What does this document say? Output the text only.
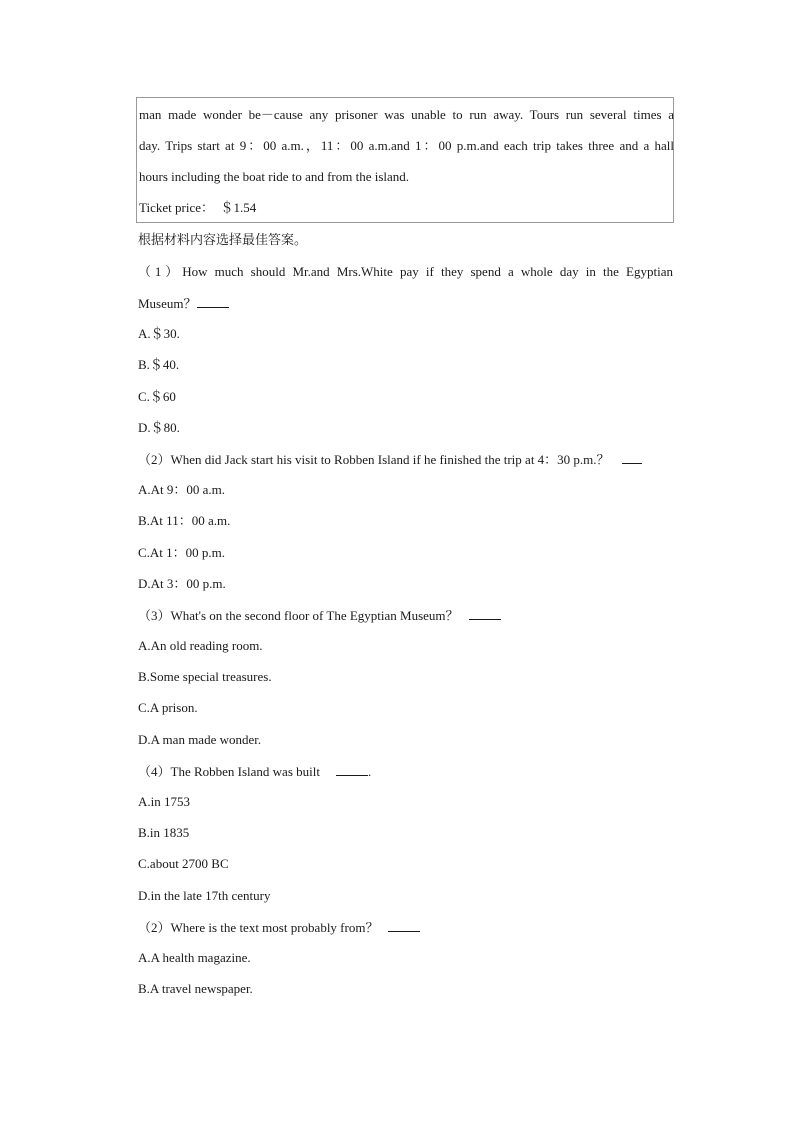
man made wonder be－cause any prisoner was unable to run away. Tours run several times a
day. Trips start at 9：00 a.m.，11：00 a.m.and 1：00 p.m.and each trip takes three and a hall
hours including the boat ride to and from the island.
Ticket price：　＄1.54
根据材料内容选择最佳答案。
（1）How much should Mr.and Mrs.White pay if they spend a whole day in the Egyptian
Museum？
A.＄30.
B.＄40.
C.＄60
D.＄80.
（2）When did Jack start his visit to Robben Island if he finished the trip at 4：30 p.m.？
A.At 9：00 a.m.
B.At 11：00 a.m.
C.At 1：00 p.m.
D.At 3：00 p.m.
（3）What's on the second floor of The Egyptian Museum？
A.An old reading room.
B.Some special treasures.
C.A prison.
D.A man made wonder.
（4）The Robben Island was built	.
A.in 1753
B.in 1835
C.about 2700 BC
D.in the late 17th century
（2）Where is the text most probably from？
A.A health magazine.
B.A travel newspaper.
